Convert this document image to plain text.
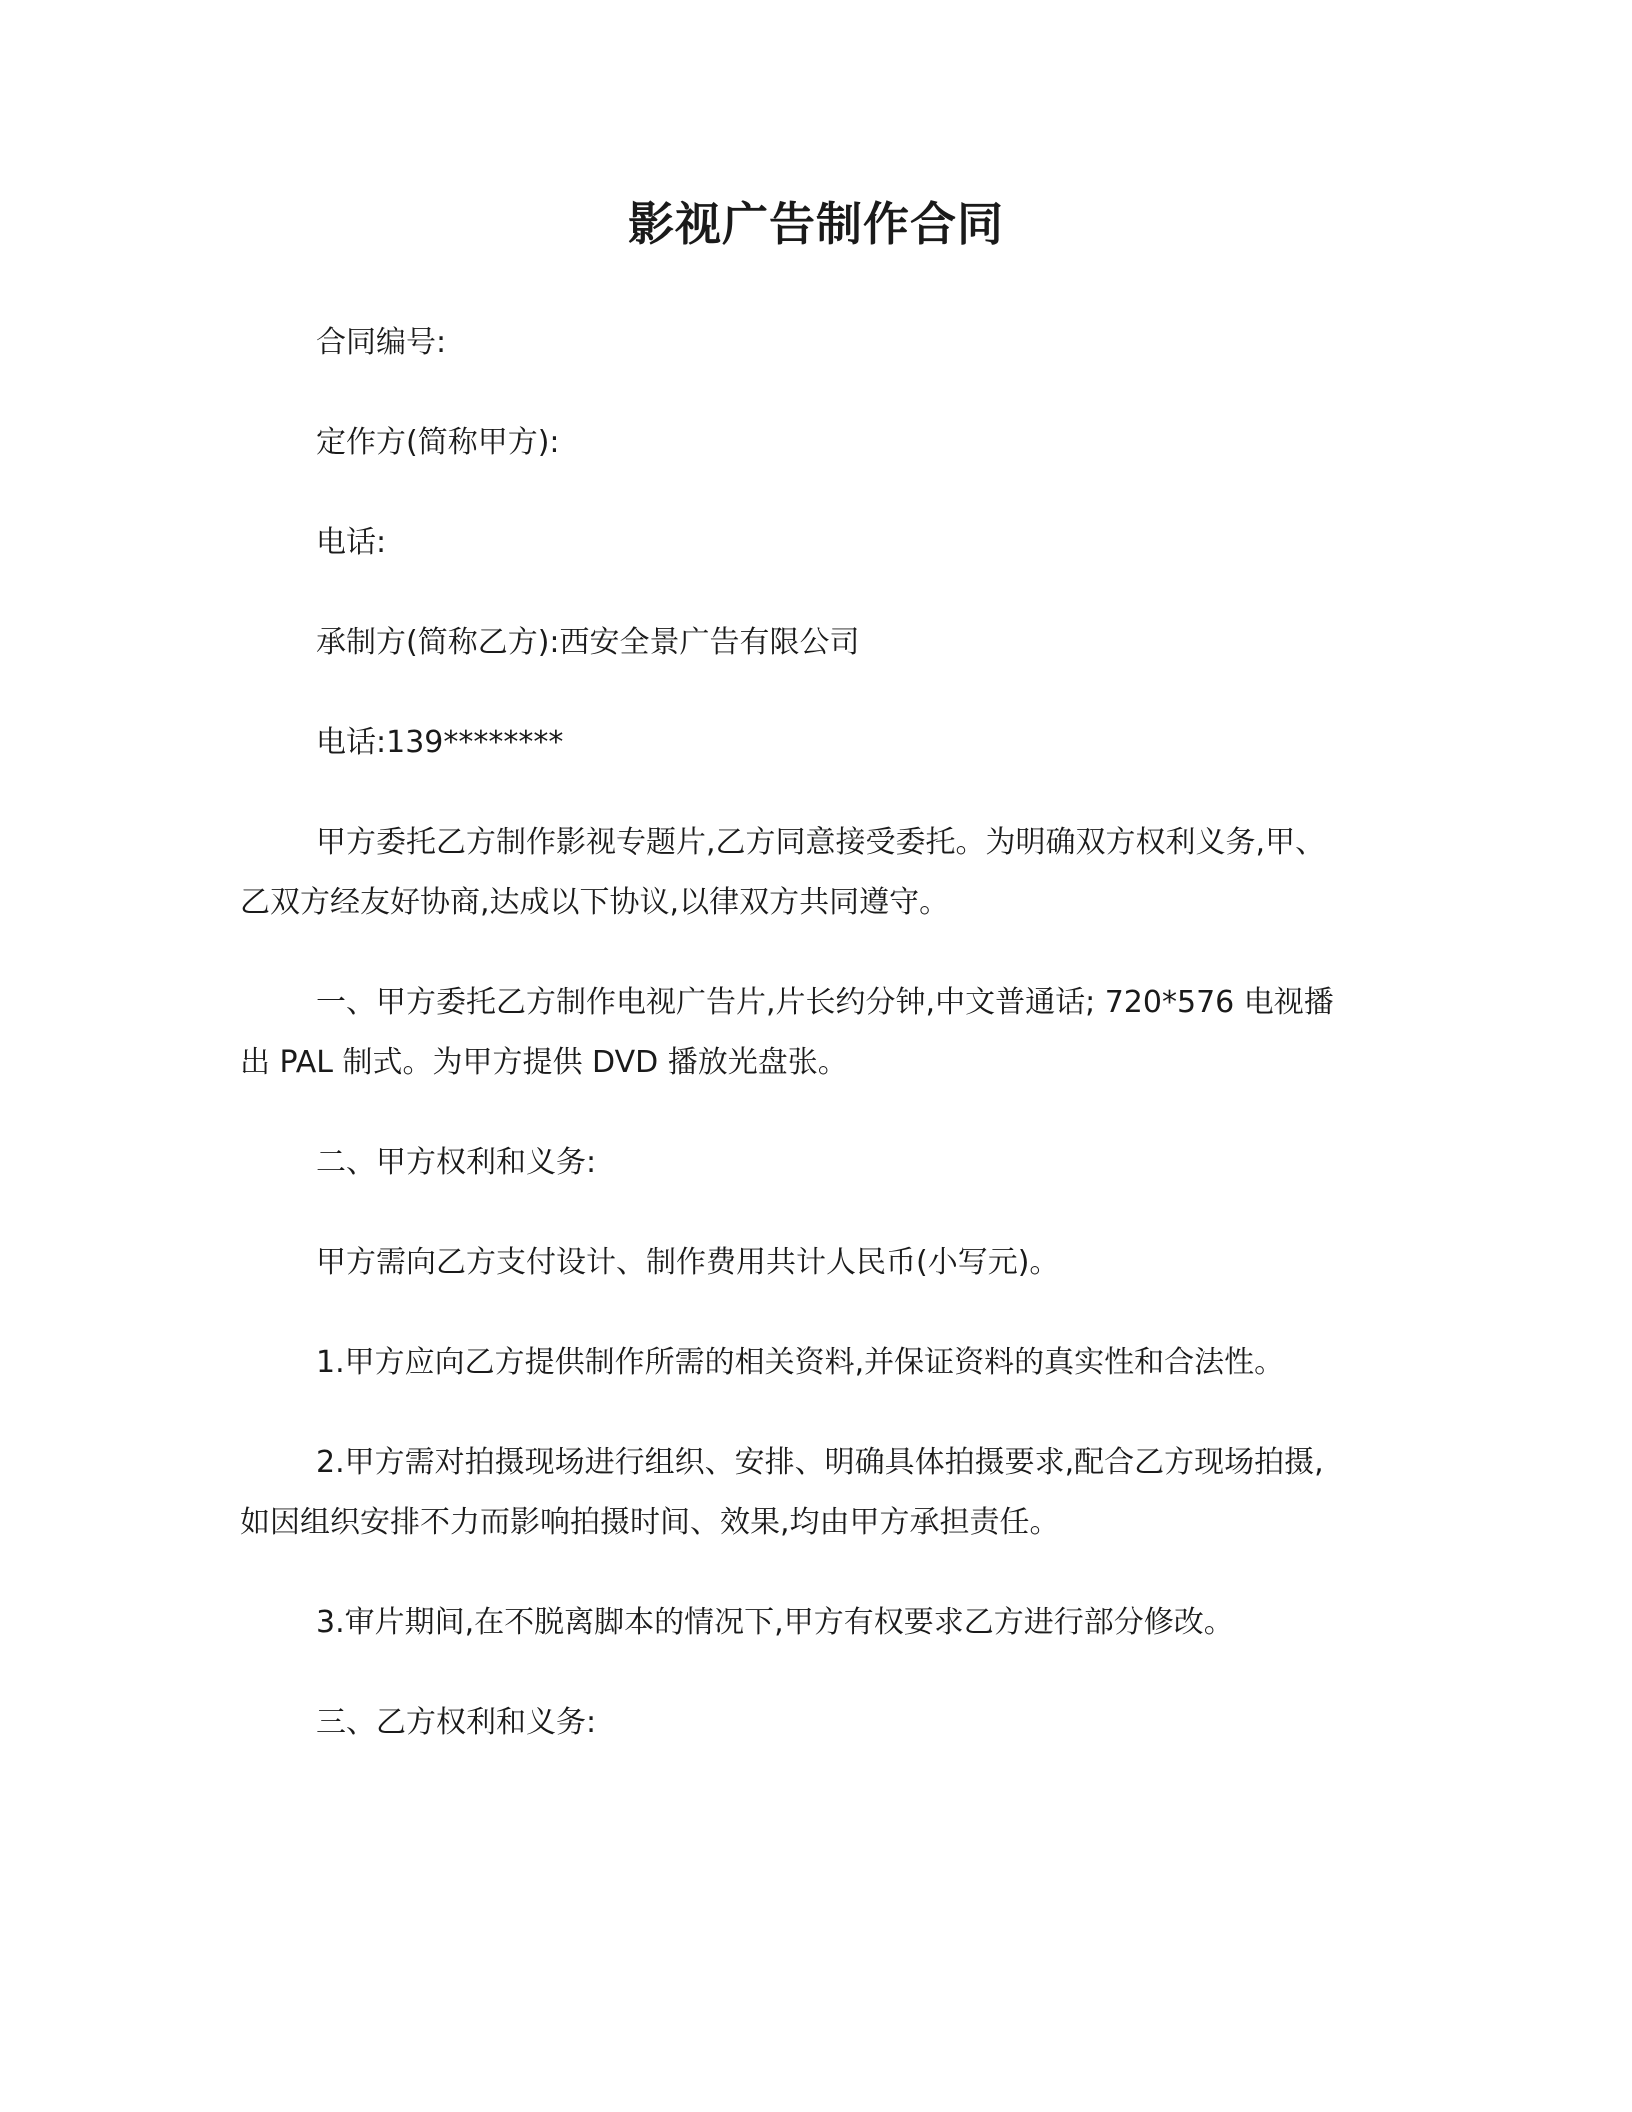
影视广告制作合同

合同编号:

定作方(简称甲方):

电话:

承制方(简称乙方):西安全景广告有限公司

电话:139********

甲方委托乙方制作影视专题片,乙方同意接受委托。为明确双方权利义务,甲、
乙双方经友好协商,达成以下协议,以律双方共同遵守。
一、甲方委托乙方制作电视广告片,片长约分钟,中文普通话; 720*576 电视播
出 PAL 制式。为甲方提供 DVD 播放光盘张。

二、甲方权利和义务:

甲方需向乙方支付设计、制作费用共计人民币(小写元)。

1.甲方应向乙方提供制作所需的相关资料,并保证资料的真实性和合法性。

2.甲方需对拍摄现场进行组织、安排、明确具体拍摄要求,配合乙方现场拍摄,
如因组织安排不力而影响拍摄时间、效果,均由甲方承担责任。

3.审片期间,在不脱离脚本的情况下,甲方有权要求乙方进行部分修改。

三、乙方权利和义务:
